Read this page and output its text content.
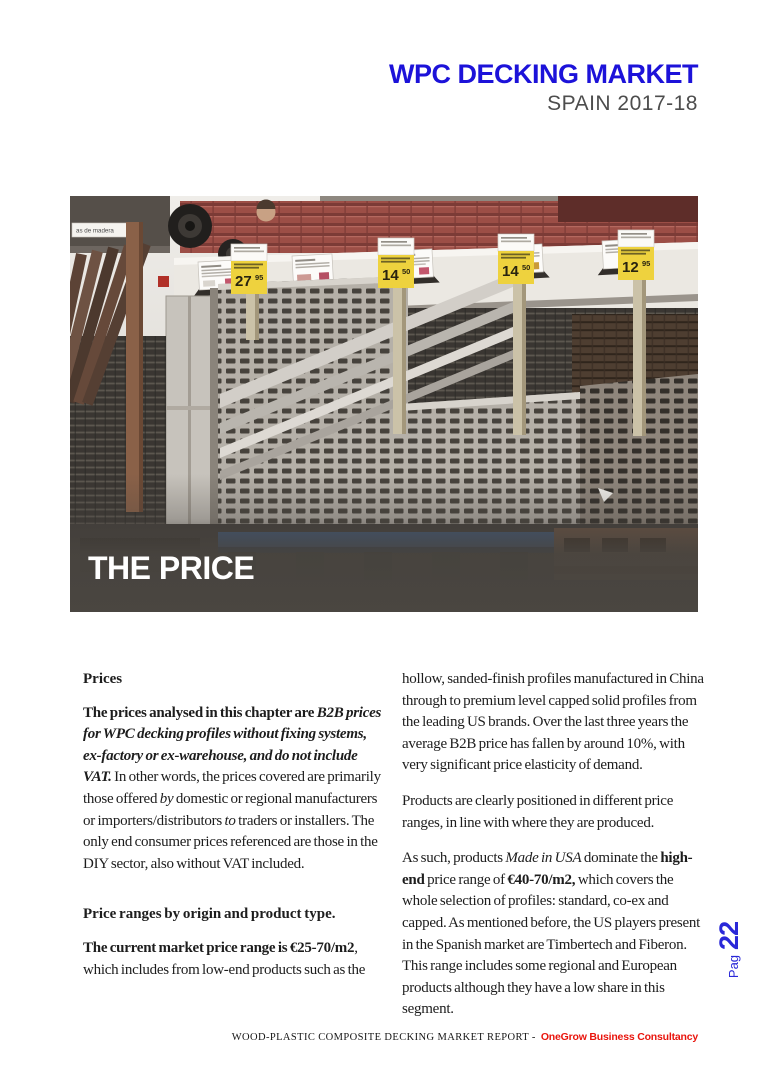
WPC DECKING MARKET
SPAIN 2017-18
as de madera
27 95	14 50	14 50	12 95
THE PRICE

Prices

The prices analysed in this chapter are B2B prices for WPC decking profiles without fixing systems, ex-factory or ex-warehouse, and do not include VAT. In other words, the prices covered are primarily those offered by domestic or regional manufacturers or importers/distributors to traders or installers. The only end consumer prices referenced are those in the DIY sector, also without VAT included.

Price ranges by origin and product type.

The current market price range is €25-70/m2, which includes from low-end products such as the

hollow, sanded-finish profiles manufactured in China through to premium level capped solid profiles from the leading US brands. Over the last three years the average B2B price has fallen by around 10%, with very significant price elasticity of demand.

Products are clearly positioned in different price ranges, in line with where they are produced.

As such, products Made in USA dominate the high-end price range of €40-70/m2, which covers the whole selection of profiles: standard, co-ex and capped. As mentioned before, the US players present in the Spanish market are Timbertech and Fiberon. This range includes some regional and European products although they have a low share in this segment.

Pag
22
WOOD-PLASTIC COMPOSITE DECKING MARKET REPORT - OneGrow Business Consultancy
